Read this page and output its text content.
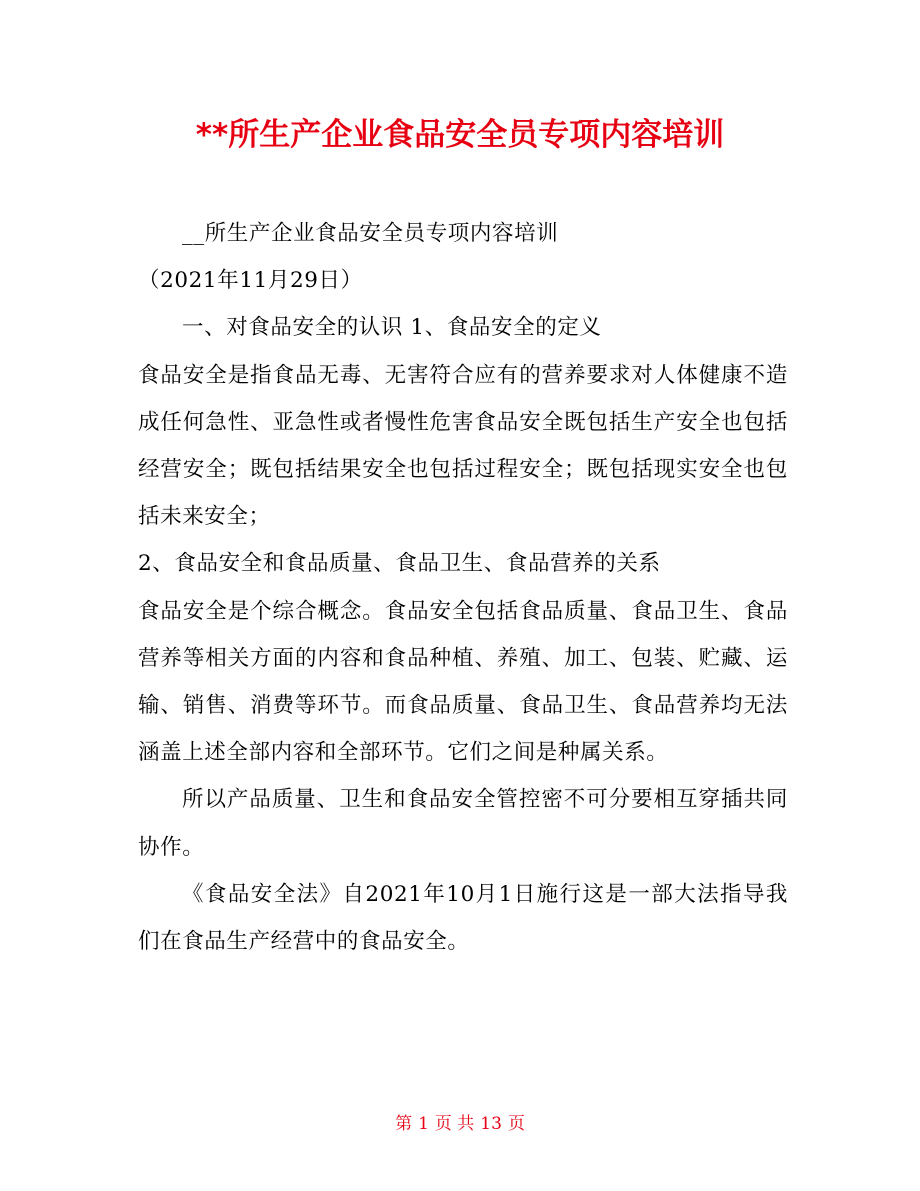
**所生产企业食品安全员专项内容培训

__所生产企业食品安全员专项内容培训

（2021年11月29日）

一、对食品安全的认识 1、食品安全的定义

食品安全是指食品无毒、无害符合应有的营养要求对人体健康不造成任何急性、亚急性或者慢性危害食品安全既包括生产安全也包括经营安全；既包括结果安全也包括过程安全；既包括现实安全也包括未来安全；

2、食品安全和食品质量、食品卫生、食品营养的关系

食品安全是个综合概念。食品安全包括食品质量、食品卫生、食品营养等相关方面的内容和食品种植、养殖、加工、包装、贮藏、运输、销售、消费等环节。而食品质量、食品卫生、食品营养均无法涵盖上述全部内容和全部环节。它们之间是种属关系。

所以产品质量、卫生和食品安全管控密不可分要相互穿插共同协作。

《食品安全法》自2021年10月1日施行这是一部大法指导我们在食品生产经营中的食品安全。

第 1 页 共 13 页
